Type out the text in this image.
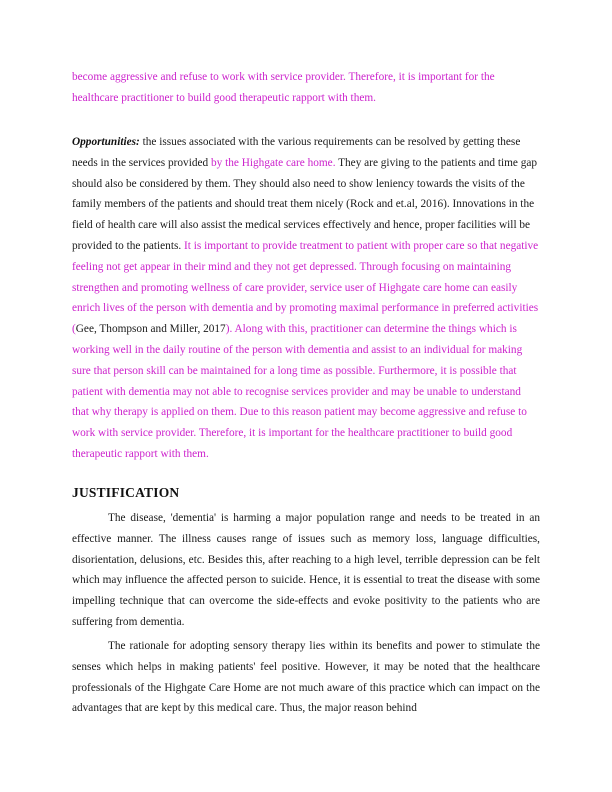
become aggressive and refuse to work with service provider. Therefore, it is important for the healthcare practitioner to build good therapeutic rapport with them.

Opportunities: the issues associated with the various requirements can be resolved by getting these needs in the services provided by the Highgate care home. They are giving to the patients and time gap should also be considered by them. They should also need to show leniency towards the visits of the family members of the patients and should treat them nicely (Rock and et.al, 2016). Innovations in the field of health care will also assist the medical services effectively and hence, proper facilities will be provided to the patients. It is important to provide treatment to patient with proper care so that negative feeling not get appear in their mind and they not get depressed. Through focusing on maintaining strengthen and promoting wellness of care provider, service user of Highgate care home can easily enrich lives of the person with dementia and by promoting maximal performance in preferred activities (Gee, Thompson and Miller, 2017). Along with this, practitioner can determine the things which is working well in the daily routine of the person with dementia and assist to an individual for making sure that person skill can be maintained for a long time as possible. Furthermore, it is possible that patient with dementia may not able to recognise services provider and may be unable to understand that why therapy is applied on them. Due to this reason patient may become aggressive and refuse to work with service provider. Therefore, it is important for the healthcare practitioner to build good therapeutic rapport with them.

JUSTIFICATION

The disease, 'dementia' is harming a major population range and needs to be treated in an effective manner. The illness causes range of issues such as memory loss, language difficulties, disorientation, delusions, etc. Besides this, after reaching to a high level, terrible depression can be felt which may influence the affected person to suicide. Hence, it is essential to treat the disease with some impelling technique that can overcome the side-effects and evoke positivity to the patients who are suffering from dementia.

The rationale for adopting sensory therapy lies within its benefits and power to stimulate the senses which helps in making patients' feel positive. However, it may be noted that the healthcare professionals of the Highgate Care Home are not much aware of this practice which can impact on the advantages that are kept by this medical care. Thus, the major reason behind
